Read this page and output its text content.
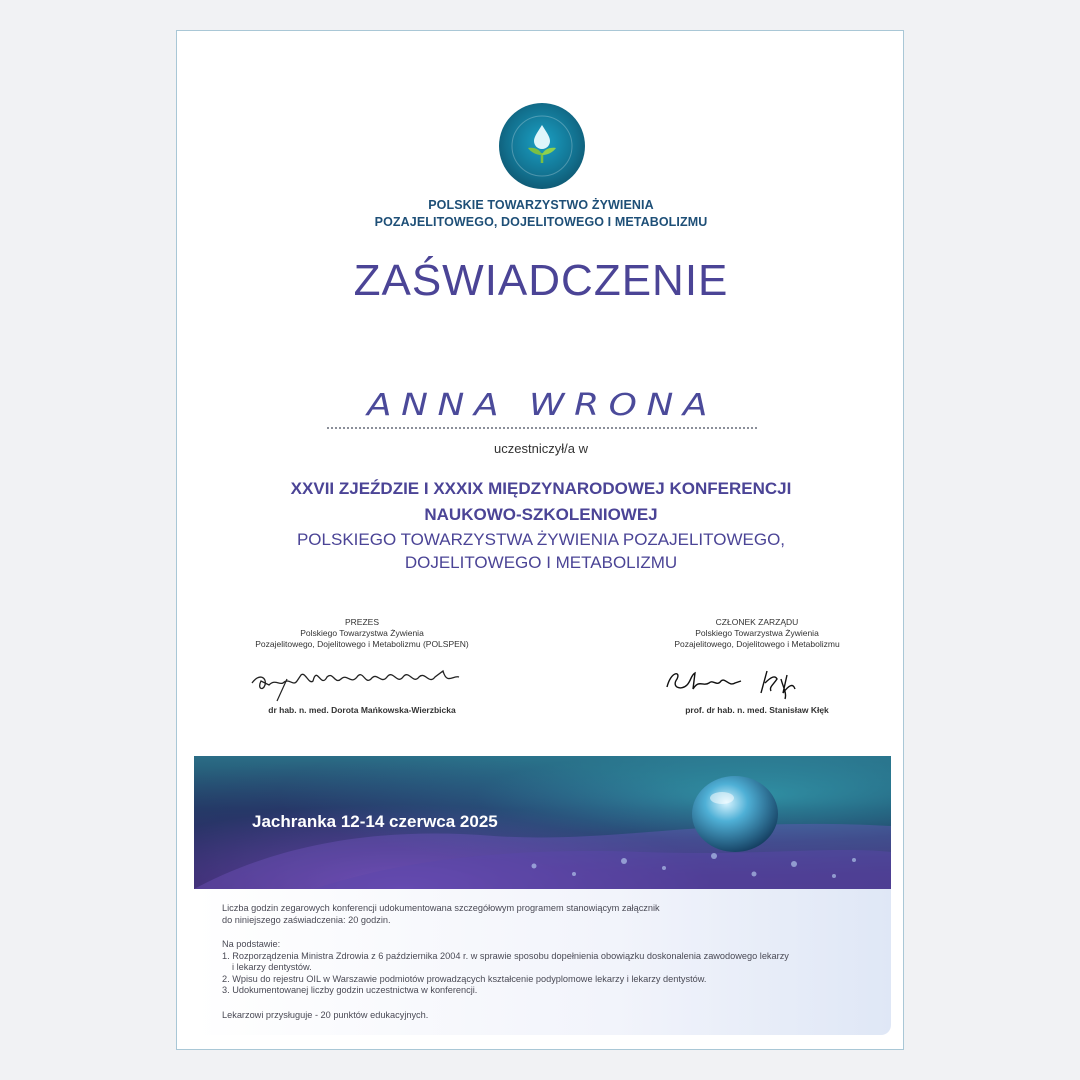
POLSKIE TOWARZYSTWO ŻYWIENIA
POZAJELITOWEGO, DOJELITOWEGO I METABOLIZMU
ZAŚWIADCZENIE
ANNA WRONA
uczestniczył/a w
XXVII ZJEŹDZIE I XXXIX MIĘDZYNARODOWEJ KONFERENCJI
NAUKOWO-SZKOLENIOWEJ
POLSKIEGO TOWARZYSTWA ŻYWIENIA POZAJELITOWEGO,
DOJELITOWEGO I METABOLIZMU
PREZES
Polskiego Towarzystwa Żywienia
Pozajelitowego, Dojelitowego i Metabolizmu (POLSPEN)
dr hab. n. med. Dorota Mańkowska-Wierzbicka
CZŁONEK ZARZĄDU
Polskiego Towarzystwa Żywienia
Pozajelitowego, Dojelitowego i Metabolizmu
prof. dr hab. n. med. Stanisław Kłęk
Jachranka 12-14 czerwca 2025
Liczba godzin zegarowych konferencji udokumentowana szczegółowym programem stanowiącym załącznik
do niniejszego zaświadczenia: 20 godzin.
Na podstawie:
1. Rozporządzenia Ministra Zdrowia z 6 października 2004 r. w sprawie sposobu dopełnienia obowiązku doskonalenia zawodowego lekarzy

i lekarzy dentystów.
2. Wpisu do rejestru OIL w Warszawie podmiotów prowadzących kształcenie podyplomowe lekarzy i lekarzy dentystów.
3. Udokumentowanej liczby godzin uczestnictwa w konferencji.
Lekarzowi przysługuje - 20 punktów edukacyjnych.
